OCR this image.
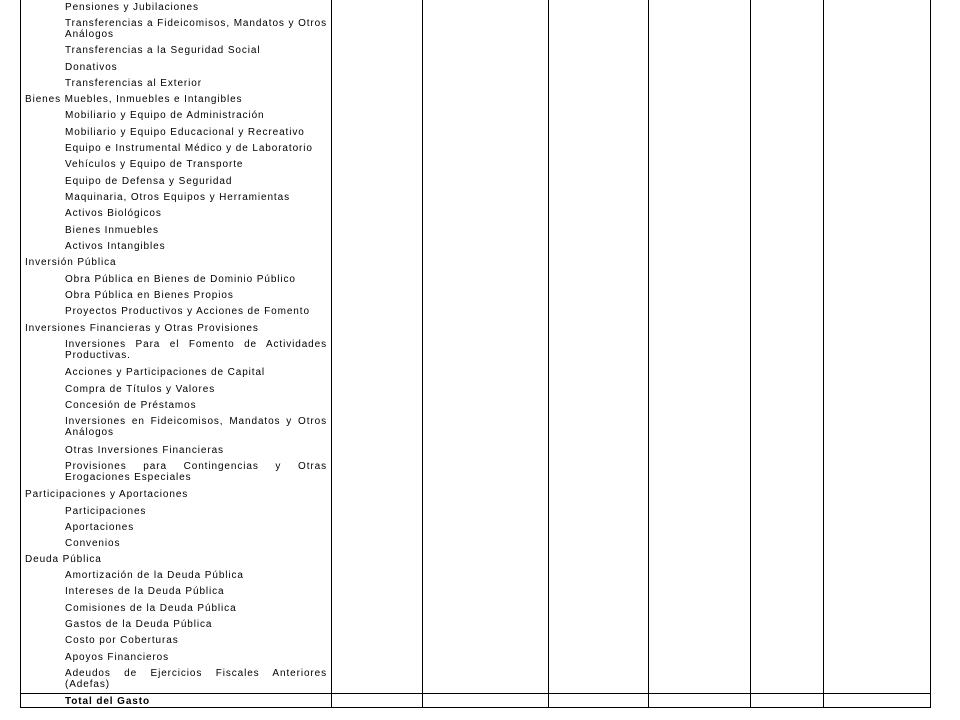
Pensiones y Jubilaciones
Transferencias a Fideicomisos, Mandatos y Otros Análogos
Transferencias a la Seguridad Social
Donativos
Transferencias al Exterior
Bienes Muebles, Inmuebles e Intangibles
Mobiliario y Equipo de Administración
Mobiliario y Equipo Educacional y Recreativo
Equipo e Instrumental Médico y de Laboratorio
Vehículos y Equipo de Transporte
Equipo de Defensa y Seguridad
Maquinaria, Otros Equipos y Herramientas
Activos Biológicos
Bienes Inmuebles
Activos Intangibles
Inversión Pública
Obra Pública en Bienes de Dominio Público
Obra Pública en Bienes Propios
Proyectos Productivos y Acciones de Fomento
Inversiones Financieras y Otras Provisiones
Inversiones Para el Fomento de Actividades Productivas.
Acciones y Participaciones de Capital
Compra de Títulos y Valores
Concesión de Préstamos
Inversiones en Fideicomisos, Mandatos y Otros Análogos
Otras Inversiones Financieras
Provisiones para Contingencias y Otras Erogaciones Especiales
Participaciones y Aportaciones
Participaciones
Aportaciones
Convenios
Deuda Pública
Amortización de la Deuda Pública
Intereses de la Deuda Pública
Comisiones de la Deuda Pública
Gastos de la Deuda Pública
Costo por Coberturas
Apoyos Financieros
Adeudos de Ejercicios Fiscales Anteriores (Adefas)
Total del Gasto
